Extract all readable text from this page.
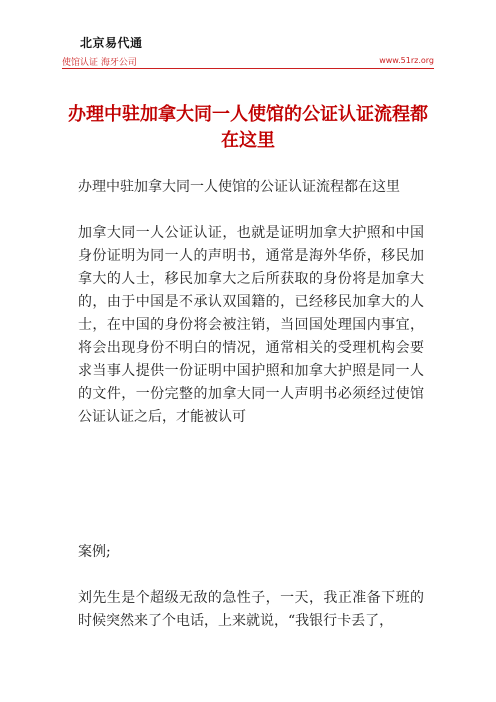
北京易代通
使馆认证 海牙公司	www.51rz.org
办理中驻加拿大同一人使馆的公证认证流程都在这里

办理中驻加拿大同一人使馆的公证认证流程都在这里

加拿大同一人公证认证，也就是证明加拿大护照和中国身份证明为同一人的声明书，通常是海外华侨，移民加拿大的人士，移民加拿大之后所获取的身份将是加拿大的，由于中国是不承认双国籍的，已经移民加拿大的人士，在中国的身份将会被注销，当回国处理国内事宜，将会出现身份不明白的情况，通常相关的受理机构会要求当事人提供一份证明中国护照和加拿大护照是同一人的文件，一份完整的加拿大同一人声明书必须经过使馆公证认证之后，才能被认可

案例;

刘先生是个超级无敌的急性子，一天，我正准备下班的时候突然来了个电话，上来就说，“我银行卡丢了，
